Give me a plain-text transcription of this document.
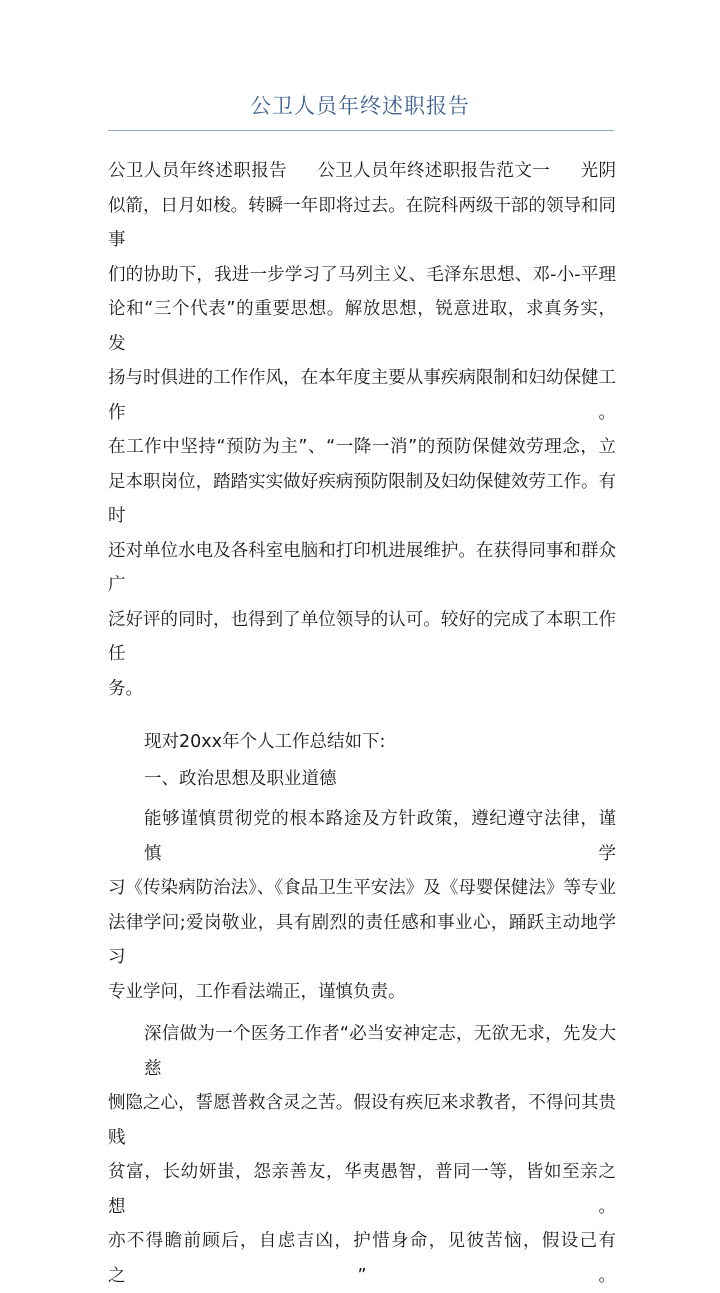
公卫人员年终述职报告

公卫人员年终述职报告 公卫人员年终述职报告范文一 光阴
似箭，日月如梭。转瞬一年即将过去。在院科两级干部的领导和同事
们的协助下，我进一步学习了马列主义、毛泽东思想、邓-小-平理
论和“三个代表”的重要思想。解放思想，锐意进取，求真务实，发
扬与时俱进的工作作风，在本年度主要从事疾病限制和妇幼保健工作。
在工作中坚持“预防为主”、“一降一消”的预防保健效劳理念，立
足本职岗位，踏踏实实做好疾病预防限制及妇幼保健效劳工作。有时
还对单位水电及各科室电脑和打印机进展维护。在获得同事和群众广
泛好评的同时，也得到了单位领导的认可。较好的完成了本职工作任
务。

现对20xx年个人工作总结如下:

一、政治思想及职业道德

能够谨慎贯彻党的根本路途及方针政策，遵纪遵守法律，谨慎学
习《传染病防治法》、《食品卫生平安法》及《母婴保健法》等专业
法律学问;爱岗敬业，具有剧烈的责任感和事业心，踊跃主动地学习
专业学问，工作看法端正，谨慎负责。

深信做为一个医务工作者“必当安神定志，无欲无求，先发大慈
恻隐之心，誓愿普救含灵之苦。假设有疾厄来求教者，不得问其贵贱
贫富，长幼妍蚩，怨亲善友，华夷愚智，普同一等，皆如至亲之想。
亦不得瞻前顾后，自虑吉凶，护惜身命，见彼苦恼，假设己有之”。
